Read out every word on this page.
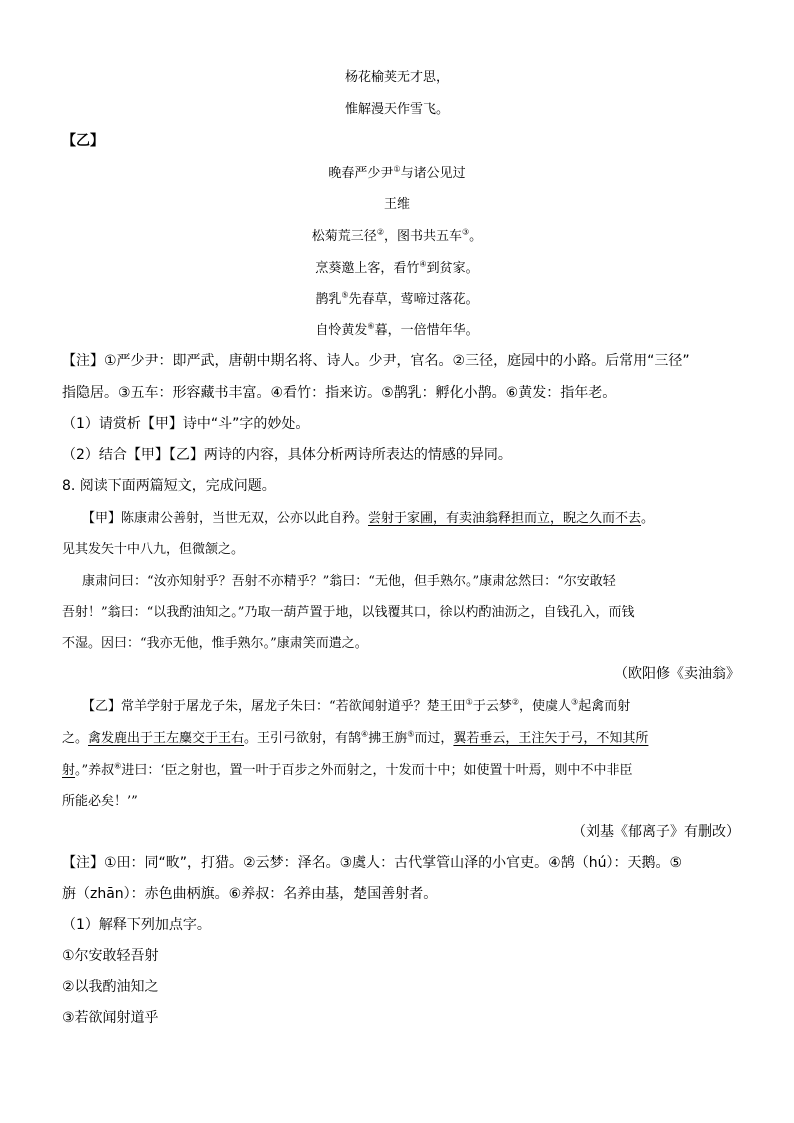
杨花榆荚无才思，
惟解漫天作雪飞。
【乙】
晚春严少尹①与诸公见过
王维
松菊荒三径②，图书共五车③。
烹葵邀上客，看竹④到贫家。
鹊乳⑤先春草，莺啼过落花。
自怜黄发⑥暮，一倍惜年华。
【注】①严少尹：即严武，唐朝中期名将、诗人。少尹，官名。②三径，庭园中的小路。后常用“三径”
指隐居。③五车：形容藏书丰富。④看竹：指来访。⑤鹊乳：孵化小鹊。⑥黄发：指年老。
（1）请赏析【甲】诗中“斗”字的妙处。
（2）结合【甲】【乙】两诗的内容，具体分析两诗所表达的情感的异同。
8. 阅读下面两篇短文，完成问题。
【甲】陈康肃公善射，当世无双，公亦以此自矜。尝射于家圃，有卖油翁释担而立，睨之久而不去。
见其发矢十中八九，但微颔之。
康肃问曰：“汝亦知射乎？吾射不亦精乎？”翁曰：“无他，但手熟尔。”康肃忿然曰：“尔安敢轻
吾射！”翁曰：“以我酌油知之。”乃取一葫芦置于地，以钱覆其口，徐以杓酌油沥之，自钱孔入，而钱
不湿。因曰：“我亦无他，惟手熟尔。”康肃笑而遣之。
（欧阳修《卖油翁》
【乙】常羊学射于屠龙子朱，屠龙子朱曰：“若欲闻射道乎？楚王田①于云梦②，使虞人③起禽而射
之。禽发鹿出于王左麋交于王右。王引弓欲射，有鹄④拂王旃⑤而过，翼若垂云，王注矢于弓，不知其所
射。”养叔⑥进曰：‘臣之射也，置一叶于百步之外而射之，十发而十中；如使置十叶焉，则中不中非臣
所能必矣！’”
（刘基《郁离子》有删改）
【注】①田：同“畋”，打猎。②云梦：泽名。③虞人：古代掌管山泽的小官吏。④鹄（hú）：天鹅。⑤
旃（zhān）：赤色曲柄旗。⑥养叔：名养由基，楚国善射者。
（1）解释下列加点字。
①尔安敢轻吾射
②以我酌油知之
③若欲闻射道乎
